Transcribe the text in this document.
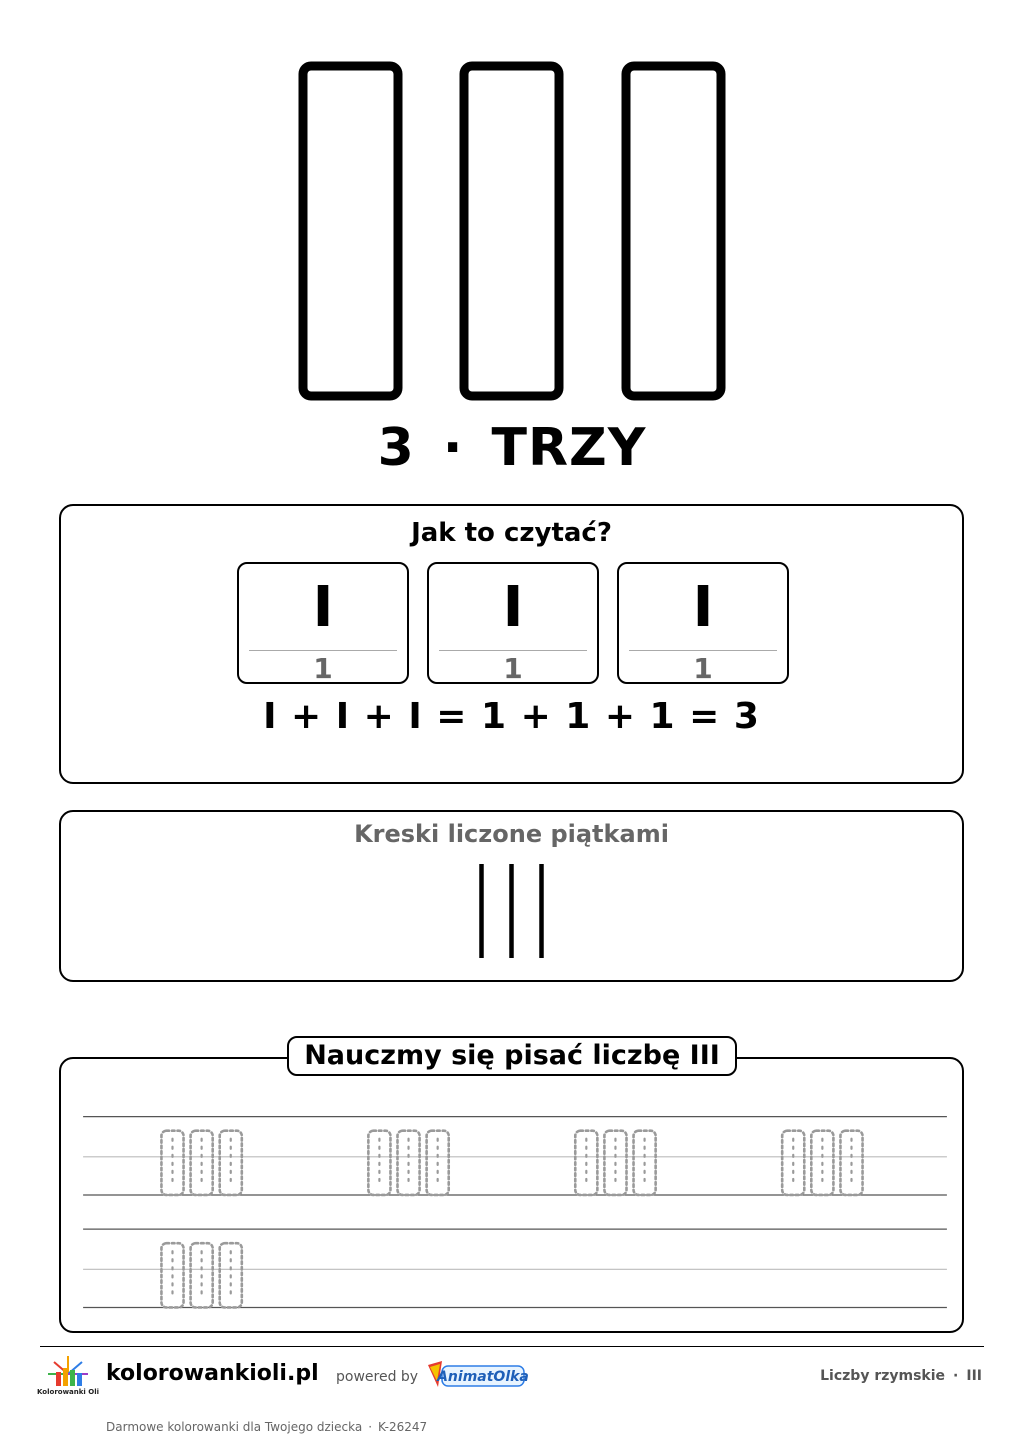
3 · TRZY
Jak to czytać?
I
1
I
1
I
1
I + I + I = 1 + 1 + 1 = 3
Kreski liczone piątkami
Nauczmy się pisać liczbę III
Kolorowanki Oli
kolorowankioli.pl powered by AnimatOlka	Liczby rzymskie · III
Darmowe kolorowanki dla Twojego dziecka · K-26247
